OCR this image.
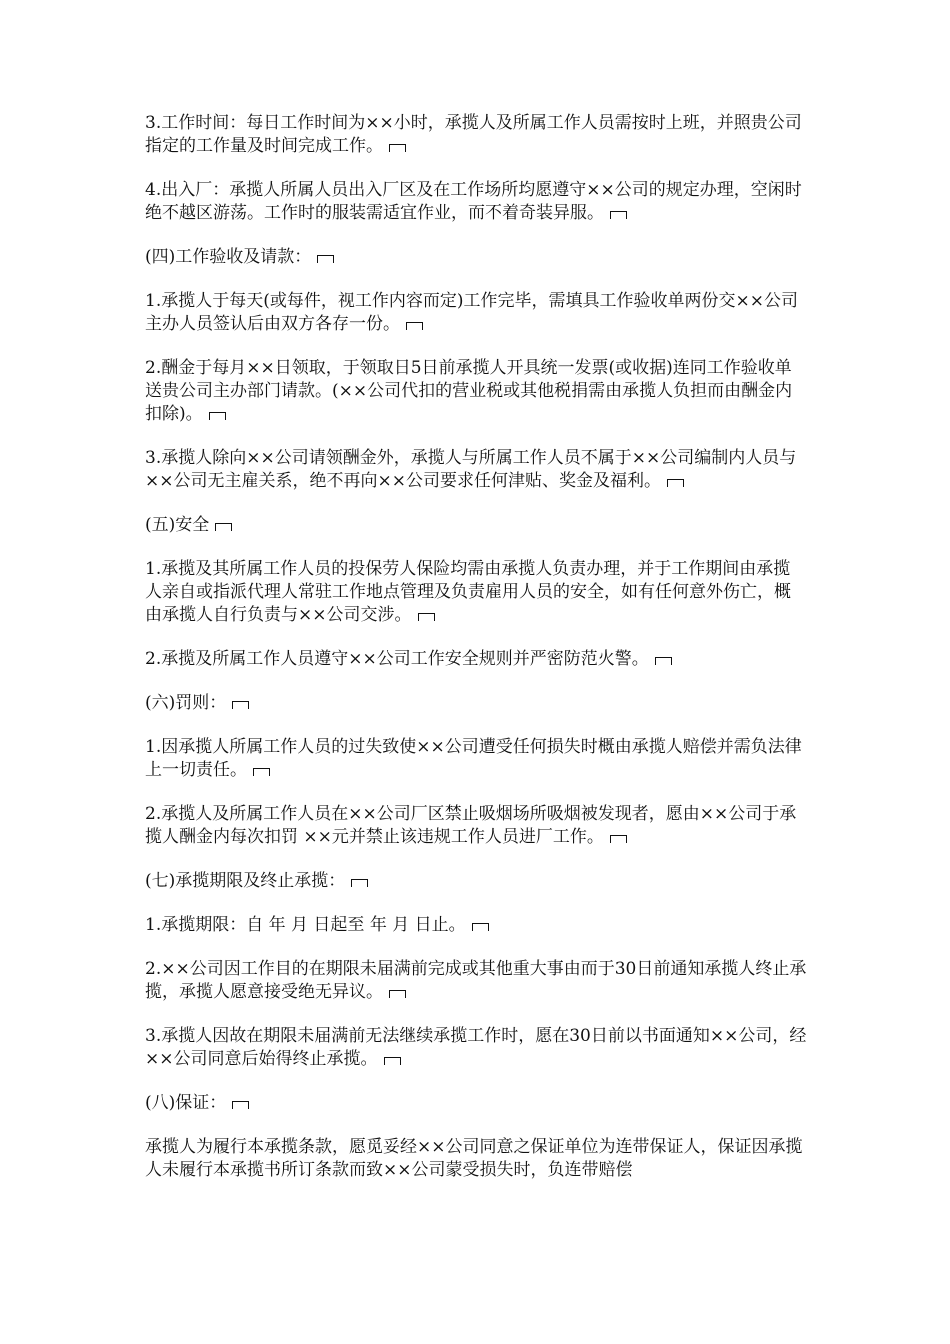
3.工作时间：每日工作时间为××小时，承揽人及所属工作人员需按时上班，并照贵公司指定的工作量及时间完成工作。

4.出入厂：承揽人所属人员出入厂区及在工作场所均愿遵守××公司的规定办理，空闲时绝不越区游荡。工作时的服装需适宜作业，而不着奇装异服。

(四)工作验收及请款：

1.承揽人于每天(或每件，视工作内容而定)工作完毕，需填具工作验收单两份交××公司主办人员签认后由双方各存一份。

2.酬金于每月××日领取，于领取日5日前承揽人开具统一发票(或收据)连同工作验收单送贵公司主办部门请款。(××公司代扣的营业税或其他税捐需由承揽人负担而由酬金内扣除)。

3.承揽人除向××公司请领酬金外，承揽人与所属工作人员不属于××公司编制内人员与××公司无主雇关系，绝不再向××公司要求任何津贴、奖金及福利。

(五)安全

1.承揽及其所属工作人员的投保劳人保险均需由承揽人负责办理，并于工作期间由承揽人亲自或指派代理人常驻工作地点管理及负责雇用人员的安全，如有任何意外伤亡，概由承揽人自行负责与××公司交涉。

2.承揽及所属工作人员遵守××公司工作安全规则并严密防范火警。

(六)罚则：

1.因承揽人所属工作人员的过失致使××公司遭受任何损失时概由承揽人赔偿并需负法律上一切责任。

2.承揽人及所属工作人员在××公司厂区禁止吸烟场所吸烟被发现者，愿由××公司于承揽人酬金内每次扣罚 ××元并禁止该违规工作人员进厂工作。

(七)承揽期限及终止承揽：

1.承揽期限：自 年 月 日起至 年 月 日止。

2.××公司因工作目的在期限未届满前完成或其他重大事由而于30日前通知承揽人终止承揽，承揽人愿意接受绝无异议。

3.承揽人因故在期限未届满前无法继续承揽工作时，愿在30日前以书面通知××公司，经××公司同意后始得终止承揽。

(八)保证：

承揽人为履行本承揽条款，愿觅妥经××公司同意之保证单位为连带保证人，保证因承揽人未履行本承揽书所订条款而致××公司蒙受损失时，负连带赔偿
